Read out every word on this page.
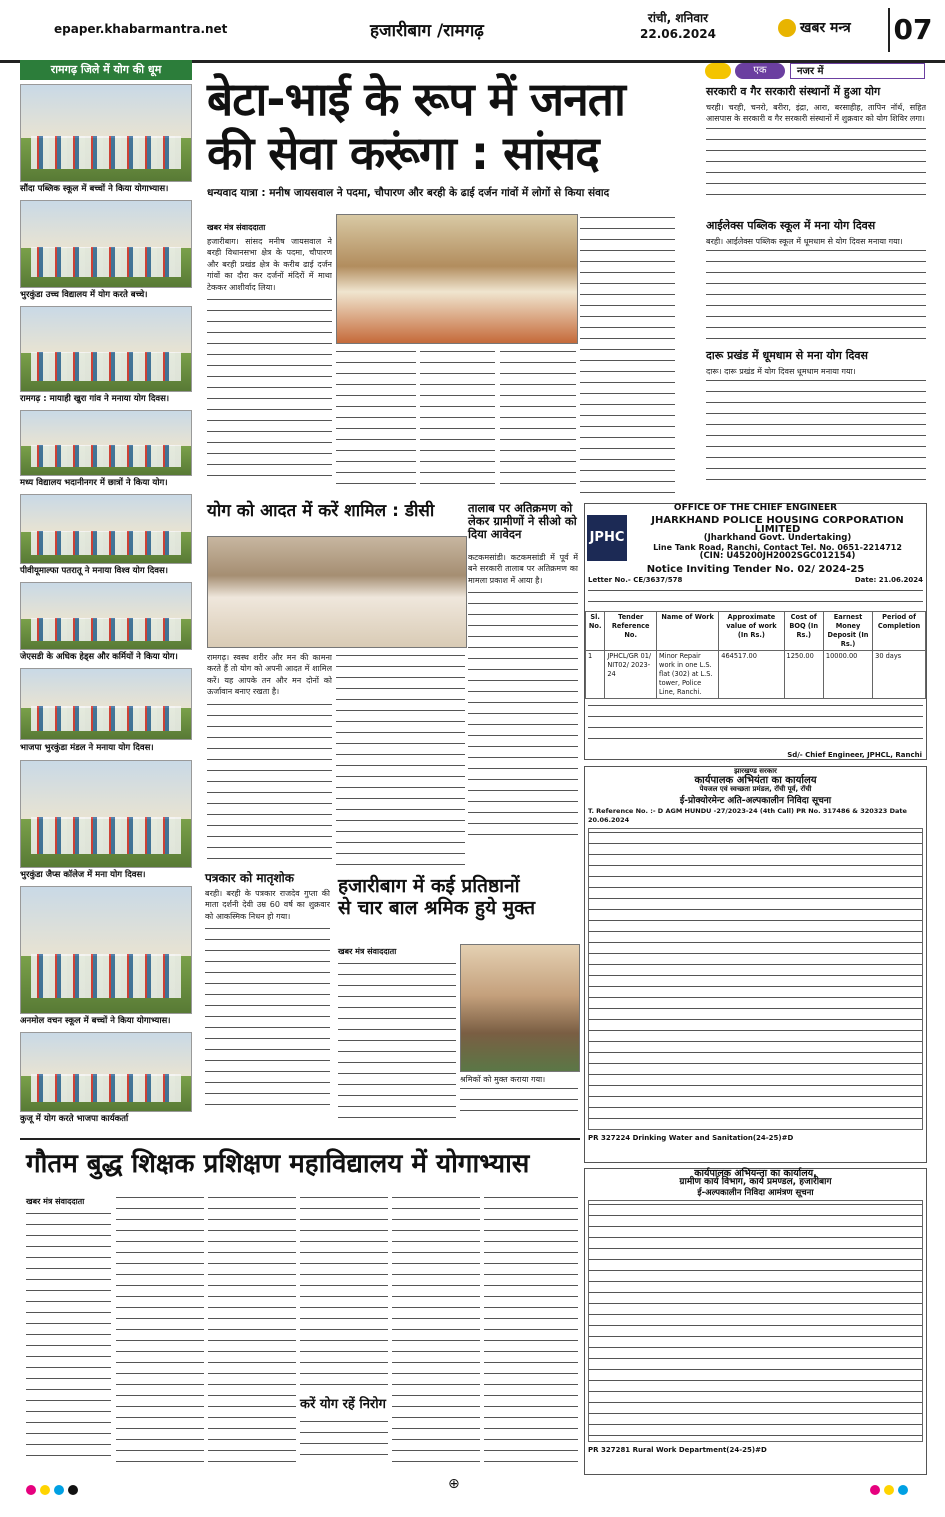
epaper.khabarmantra.net	हजारीबाग /रामगढ़
रांची, शनिवार
22.06.2024	खबर मन्त्र	07
रामगढ़ जिले में योग की धूम
सौंदा पब्लिक स्कूल में बच्चों ने किया योगाभ्यास।
भुरकुंडा उच्च विद्यालय में योग करते बच्चे।
रामगढ़ : मायाही खुरा गांव ने मनाया योग दिवस।
मध्य विद्यालय भदानीनगर में छात्रों ने किया योग।
पीवीयूमाल्फा पतरातू ने मनाया विश्व योग दिवस।
जेएसडी के अधिक हेड्स और कर्मियों ने किया योग।
भाजपा भुरकुंडा मंडल ने मनाया योग दिवस।
भुरकुंडा जैप्स कॉलेज में मना योग दिवस।
अनमोल वचन स्कूल में बच्चों ने किया योगाभ्यास।
कुजू में योग करते भाजपा कार्यकर्ता
बेटा-भाई के रूप में जनता
की सेवा करूंगा : सांसद
धन्यवाद यात्रा : मनीष जायसवाल ने पदमा, चौपारण और बरही के ढाई दर्जन गांवों में लोगों से किया संवाद
खबर मंत्र संवाददाता
हजारीबाग। सांसद मनीष जायसवाल ने बरही विधानसभा क्षेत्र के पदमा, चौपारण और बरही प्रखंड क्षेत्र के करीब ढाई दर्जन गांवों का दौरा कर दर्जनों मंदिरों में माथा टेककर आशीर्वाद लिया।
योग को आदत में करें शामिल : डीसी
रामगढ़। स्वस्थ शरीर और मन की कामना करते हैं तो योग को अपनी आदत में शामिल करें। यह आपके तन और मन दोनों को ऊर्जावान बनाए रखता है।
तालाब पर अतिक्रमण को लेकर ग्रामीणों ने सीओ को दिया आवेदन
कटकमसांडी। कटकमसांडी में पूर्व में बने सरकारी तालाब पर अतिक्रमण का मामला प्रकाश में आया है।
पत्रकार को मातृशोक
बरही। बरही के पत्रकार राजदेव गुप्ता की माता दर्शनी देवी उम्र 60 वर्ष का शुक्रवार को आकस्मिक निधन हो गया।
हजारीबाग में कई प्रतिष्ठानों
से चार बाल श्रमिक हुये मुक्त
खबर मंत्र संवाददाता
श्रमिकों को मुक्त कराया गया।
गौतम बुद्ध शिक्षक प्रशिक्षण महाविद्यालय में योगाभ्यास
खबर मंत्र संवाददाता
करें योग रहें निरोग
एक	नजर में
सरकारी व गैर सरकारी संस्थानों में हुआ योग
चरही। चरही, चनरो, बरीरा, इंद्रा, आरा, बरसाहीह, तापिन नॉर्थ, सहित आसपास के सरकारी व गैर सरकारी संस्थानों में शुक्रवार को योग शिविर लगा।
आईलेक्स पब्लिक स्कूल में मना योग दिवस
बरही। आईलेक्स पब्लिक स्कूल में धूमधाम से योग दिवस मनाया गया।
दारू प्रखंड में धूमधाम से मना योग दिवस
दारू। दारू प्रखंड में योग दिवस धूमधाम मनाया गया।
OFFICE OF THE CHIEF ENGINEER
JPHC
JHARKHAND POLICE HOUSING CORPORATION LIMITED
(Jharkhand Govt. Undertaking)
Line Tank Road, Ranchi, Contact Tel. No. 0651-2214712
(CIN: U45200JH2002SGC012154)
Notice Inviting Tender No. 02/ 2024-25
Letter No.- CE/3637/578	Date: 21.06.2024
Sl. No.	Tender Reference No.	Name of Work	Approximate value of work (In Rs.)	Cost of BOQ (In Rs.)	Earnest Money Deposit (In Rs.)	Period of Completion
1	JPHCL/GR 01/ NIT02/ 2023-24	Minor Repair work in one L.S. flat (302) at L.S. tower, Police Line, Ranchi.	464517.00	1250.00	10000.00	30 days
Sd/- Chief Engineer, JPHCL, Ranchi
झारखण्ड सरकार
कार्यपालक अभियंता का कार्यालय
पेयजल एवं स्वच्छता प्रमंडल, रॉची पूर्व, रॉची
ई-प्रोक्योरमेन्ट अति-अल्पकालीन निविदा सूचना
T. Reference No. :- D AGM HUNDU -27/2023-24 (4th Call) PR No. 317486 & 320323 Date 20.06.2024
PR 327224 Drinking Water and Sanitation(24-25)#D
कार्यपालक अभियन्ता का कार्यालय,
ग्रामीण कार्य विभाग, कार्य प्रमण्डल, हजारीबाग
ई-अल्पकालीन निविदा आमंत्रण सूचना
PR 327281 Rural Work Department(24-25)#D
⊕
